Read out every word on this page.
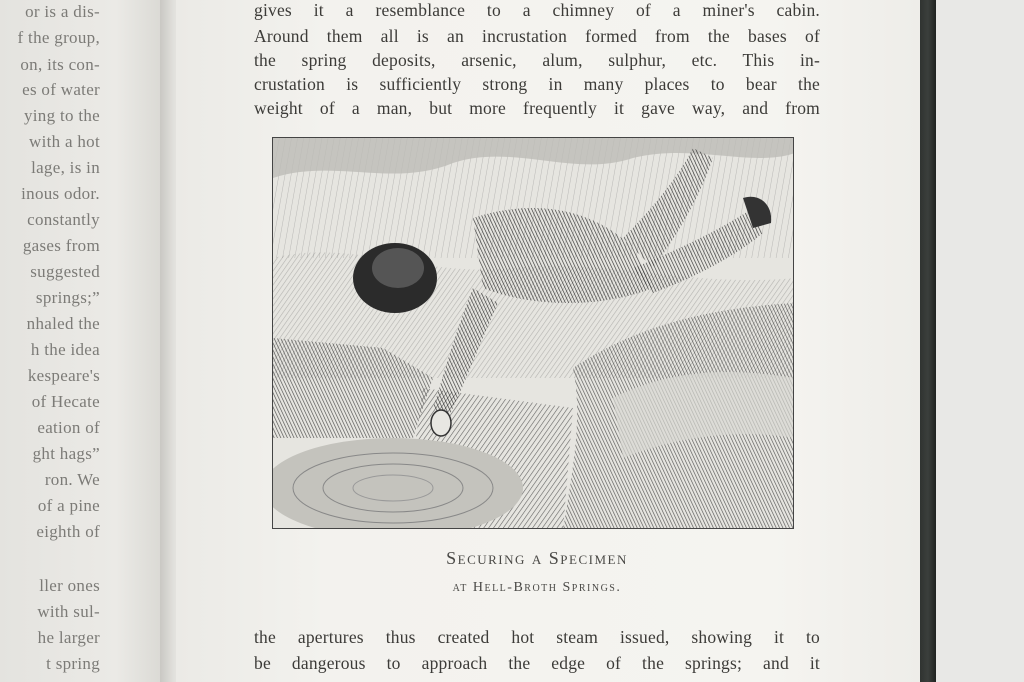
or is a dis-
f the group,
on, its con-
es of water
ying to the
with a hot
lage, is in
inous odor.
constantly
gases from
suggested
springs;”
nhaled the
h the idea
kespeare's
of Hecate
eation of
ght hags”
ron. We
of a pine
eighth of
ller ones
with sul-
he larger
t spring
gives it a resemblance to a chimney of a miner's cabin.
Around them all is an incrustation formed from the bases of
the spring deposits, arsenic, alum, sulphur, etc. This in-
crustation is sufficiently strong in many places to bear the
weight of a man, but more frequently it gave way, and from
Securing a Specimen
at Hell-Broth Springs.
the apertures thus created hot steam issued, showing it to
be dangerous to approach the edge of the springs; and it
